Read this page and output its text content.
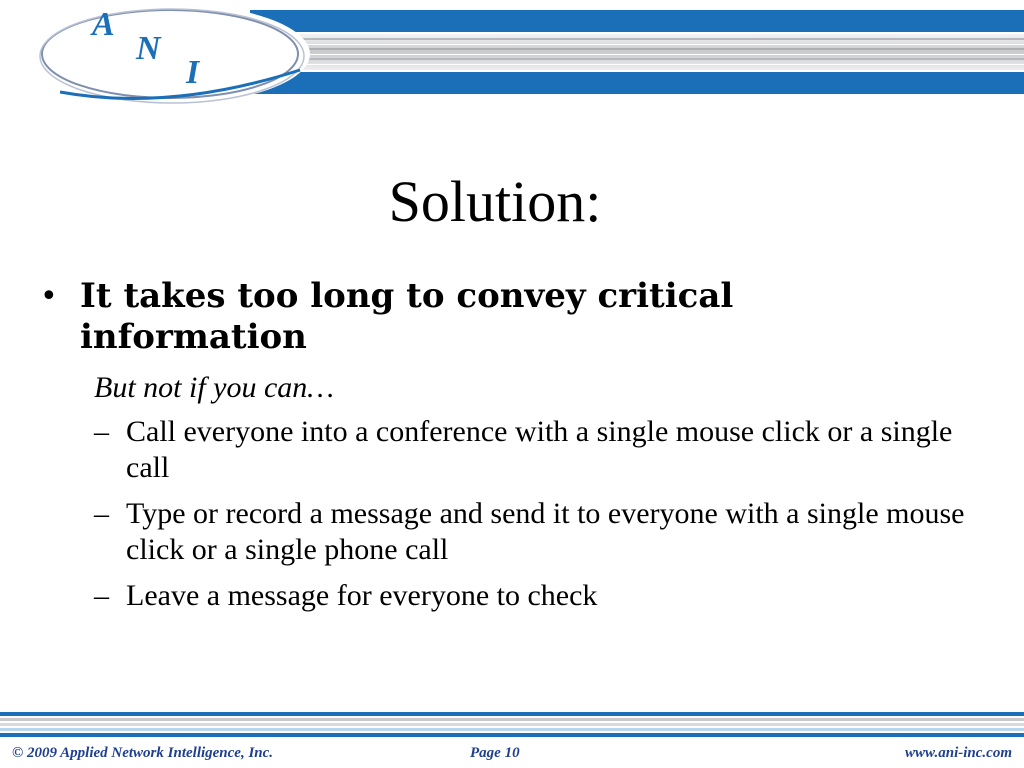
A
N
I
Solution:
• It takes too long to convey critical information
But not if you can…
– Call everyone into a conference with a single mouse click or a single call
– Type or record a message and send it to everyone with a single mouse click or a single phone call
– Leave a message for everyone to check
© 2009 Applied Network Intelligence, Inc.	Page 10	www.ani-inc.com
